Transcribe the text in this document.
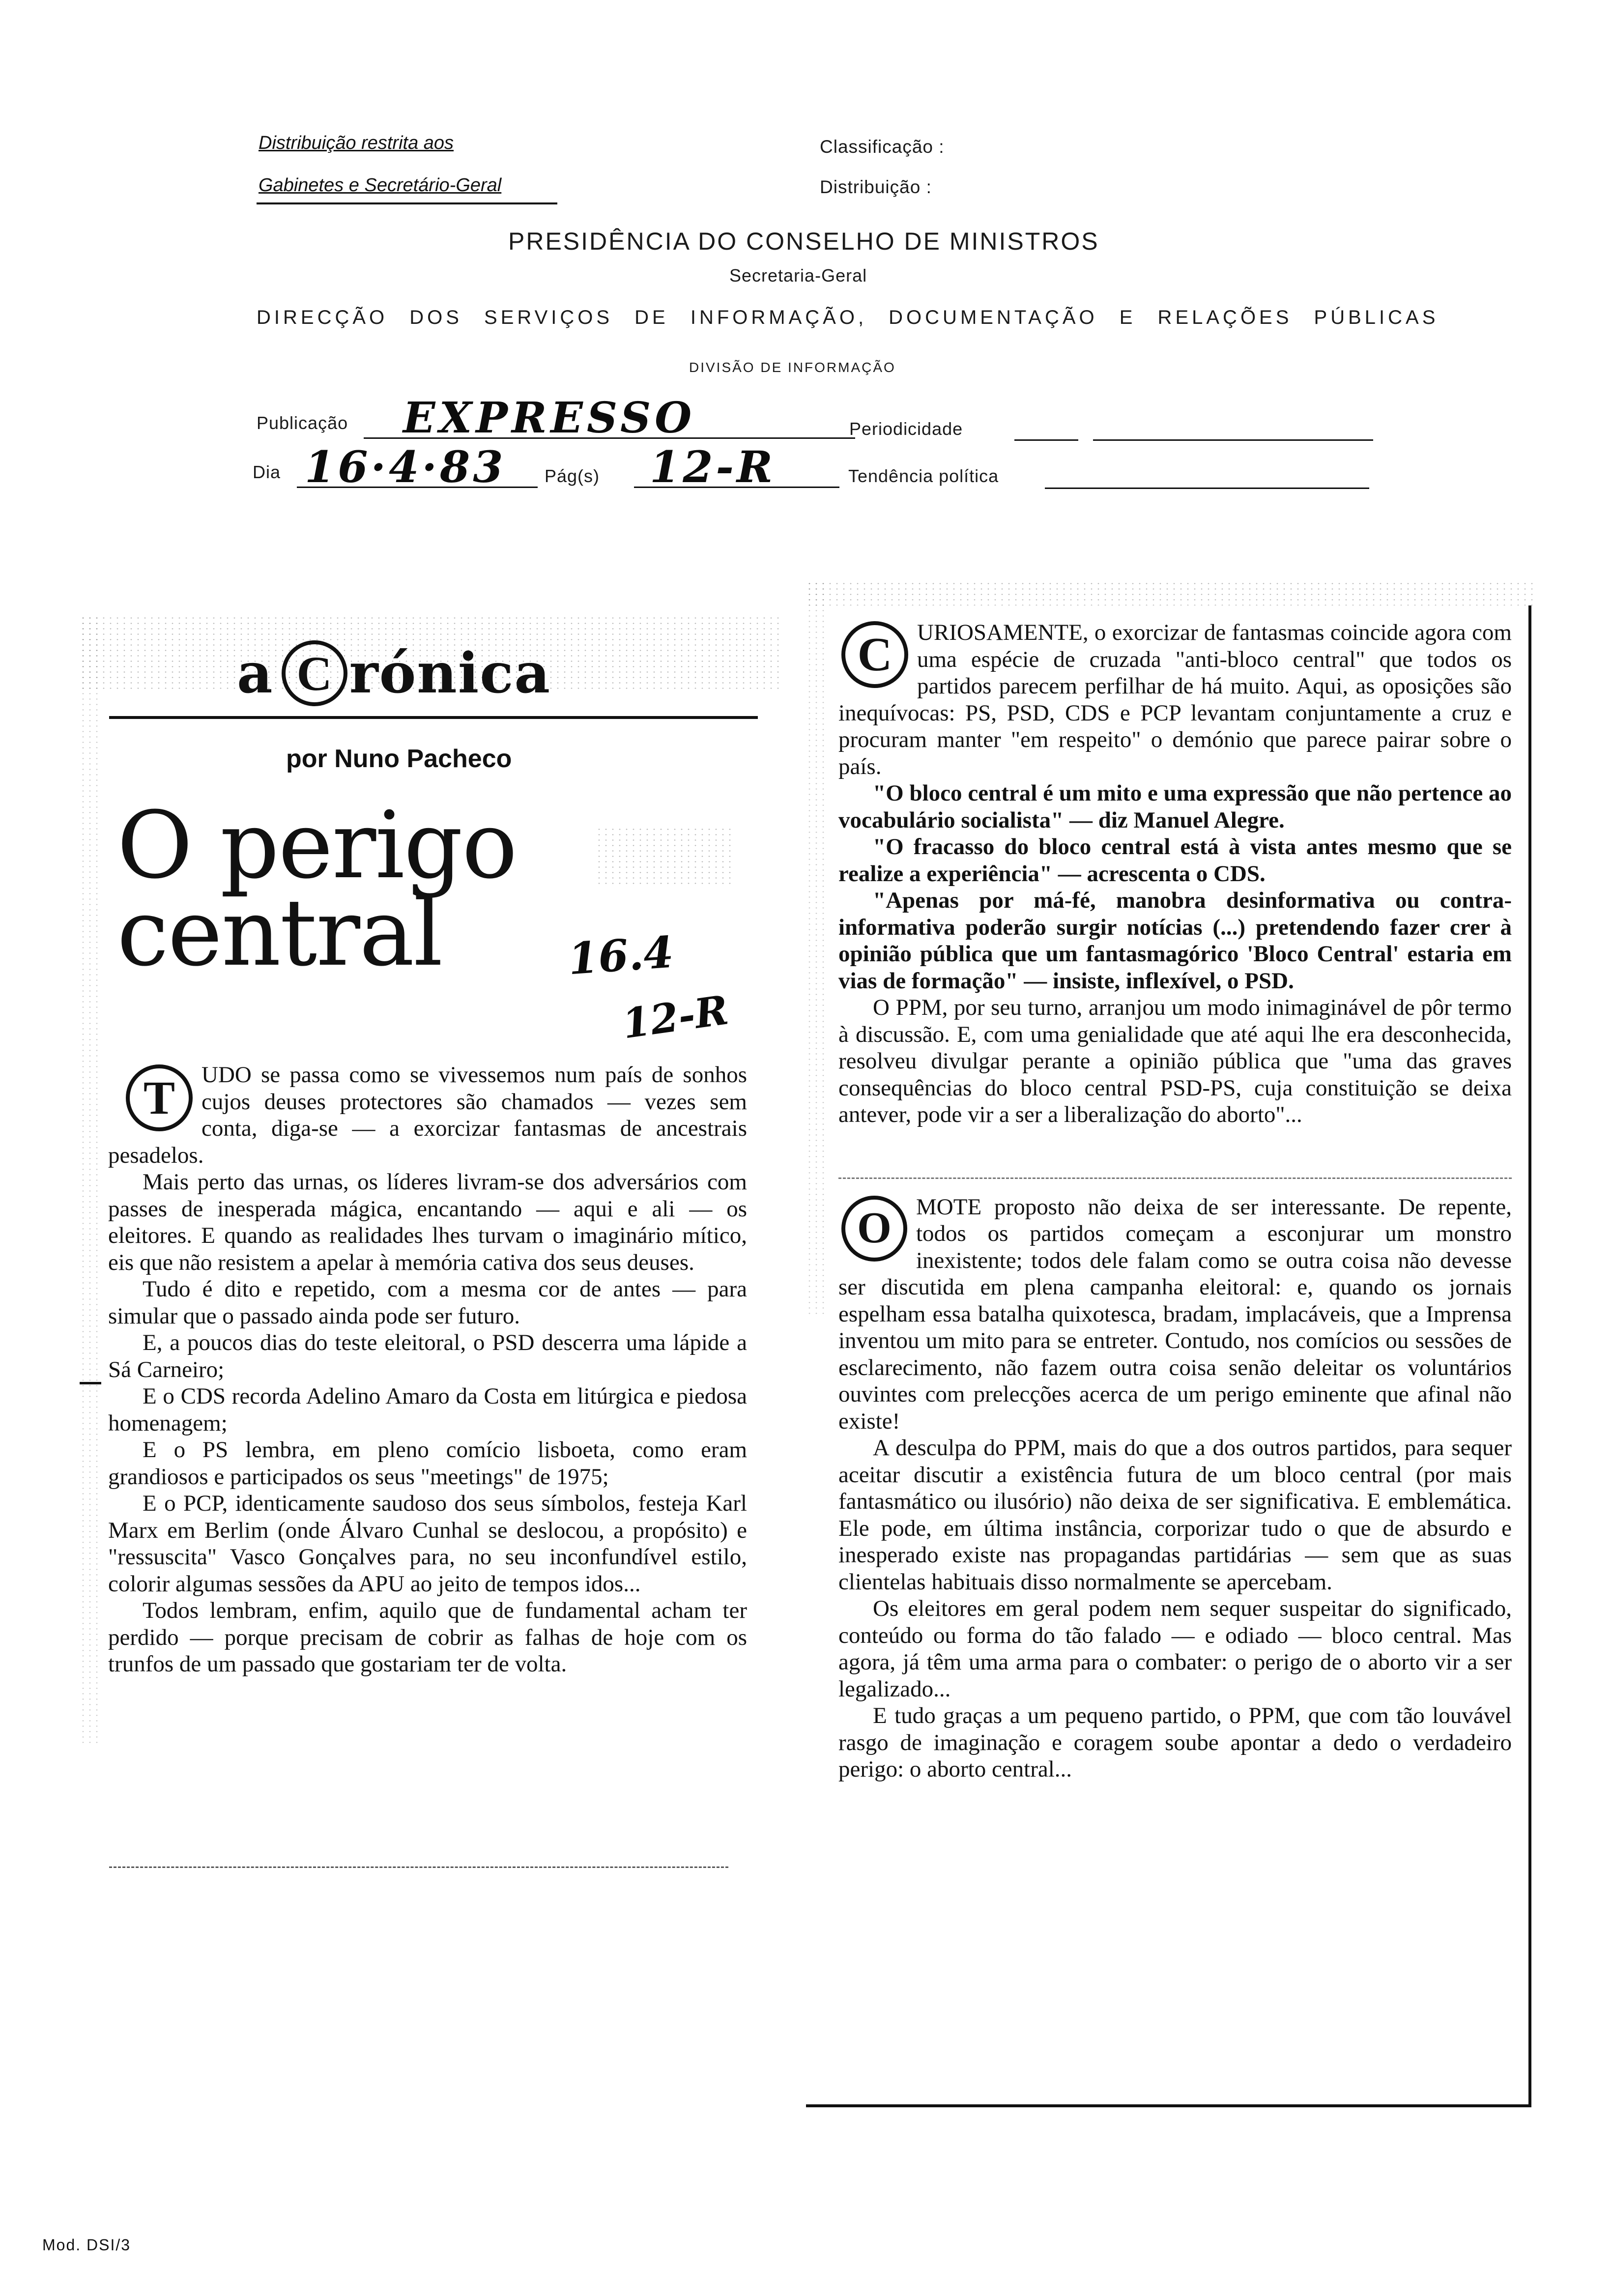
Distribuição restrita aos
Gabinetes e Secretário-Geral
Classificação :
Distribuição :
PRESIDÊNCIA DO CONSELHO DE MINISTROS
Secretaria-Geral
DIRECÇÃO DOS SERVIÇOS DE INFORMAÇÃO, DOCUMENTAÇÃO E RELAÇÕES PÚBLICAS
DIVISÃO DE INFORMAÇÃO
Publicação EXPRESSO	Periodicidade
Dia 16·4·83 Pág(s) 12-R	Tendência política
a C rónica
por Nuno Pacheco
O perigo
central	16.4
12-R

T	UDO se passa como se vivessemos num país de sonhos cujos deuses protectores são chamados — vezes sem conta, diga-se — a exorcizar fantasmas de ancestrais pesadelos.

Mais perto das urnas, os líderes livram-se dos adversários com passes de inesperada mágica, encantando — aqui e ali — os eleitores. E quando as realidades lhes turvam o imaginário mítico, eis que não resistem a apelar à memória cativa dos seus deuses.

Tudo é dito e repetido, com a mesma cor de antes — para simular que o passado ainda pode ser futuro.

E, a poucos dias do teste eleitoral, o PSD descerra uma lápide a Sá Carneiro;

E o CDS recorda Adelino Amaro da Costa em litúrgica e piedosa homenagem;

E o PS lembra, em pleno comício lisboeta, como eram grandiosos e participados os seus "meetings" de 1975;

E o PCP, identicamente saudoso dos seus símbolos, festeja Karl Marx em Berlim (onde Álvaro Cunhal se deslocou, a propósito) e "ressuscita" Vasco Gonçalves para, no seu inconfundível estilo, colorir algumas sessões da APU ao jeito de tempos idos...

Todos lembram, enfim, aquilo que de fundamental acham ter perdido — porque precisam de cobrir as falhas de hoje com os trunfos de um passado que gostariam ter de volta.

C	URIOSAMENTE, o exorcizar de fantasmas coincide agora com uma espécie de cruzada "anti-bloco central" que todos os partidos parecem perfilhar de há muito. Aqui, as oposições são inequívocas: PS, PSD, CDS e PCP levantam conjuntamente a cruz e procuram manter "em respeito" o demónio que parece pairar sobre o país.

"O bloco central é um mito e uma expressão que não pertence ao vocabulário socialista" — diz Manuel Alegre.

"O fracasso do bloco central está à vista antes mesmo que se realize a experiência" — acrescenta o CDS.

"Apenas por má-fé, manobra desinformativa ou contra-informativa poderão surgir notícias (...) pretendendo fazer crer à opinião pública que um fantasmagórico 'Bloco Central' estaria em vias de formação" — insiste, inflexível, o PSD.

O PPM, por seu turno, arranjou um modo inimaginável de pôr termo à discussão. E, com uma genialidade que até aqui lhe era desconhecida, resolveu divulgar perante a opinião pública que "uma das graves consequências do bloco central PSD-PS, cuja constituição se deixa antever, pode vir a ser a liberalização do aborto"...

O	MOTE proposto não deixa de ser interessante. De repente, todos os partidos começam a esconjurar um monstro inexistente; todos dele falam como se outra coisa não devesse ser discutida em plena campanha eleitoral: e, quando os jornais espelham essa batalha quixotesca, bradam, implacáveis, que a Imprensa inventou um mito para se entreter. Contudo, nos comícios ou sessões de esclarecimento, não fazem outra coisa senão deleitar os voluntários ouvintes com prelecções acerca de um perigo eminente que afinal não existe!

A desculpa do PPM, mais do que a dos outros partidos, para sequer aceitar discutir a existência futura de um bloco central (por mais fantasmático ou ilusório) não deixa de ser significativa. E emblemática. Ele pode, em última instância, corporizar tudo o que de absurdo e inesperado existe nas propagandas partidárias — sem que as suas clientelas habituais disso normalmente se apercebam.

Os eleitores em geral podem nem sequer suspeitar do significado, conteúdo ou forma do tão falado — e odiado — bloco central. Mas agora, já têm uma arma para o combater: o perigo de o aborto vir a ser legalizado...

E tudo graças a um pequeno partido, o PPM, que com tão louvável rasgo de imaginação e coragem soube apontar a dedo o verdadeiro perigo: o aborto central...

Mod. DSI/3
